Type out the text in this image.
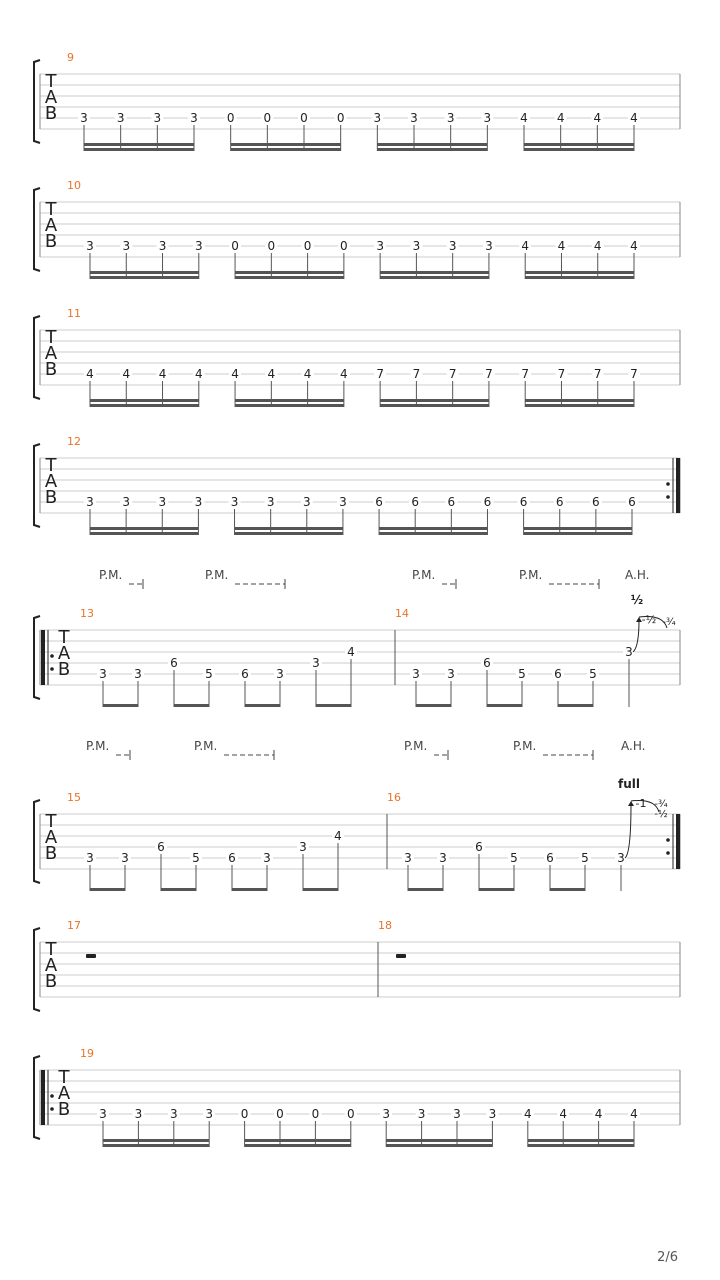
T
A
B
9
3 3 3 3 0 0 0 0 3 3 3 3 4 4 4 4
T
A
B
10
3 3 3 3 0 0 0 0 3 3 3 3 4 4 4 4
T
A
B
11
4 4 4 4 4 4 4 4 7 7 7 7 7 7 7 7
T
A
B
12
3 3 3 3 3 3 3 3 6 6 6 6 6 6 6 6
T
A
B
P.M.	P.M.	P.M.	P.M.	A.H.
13
3 3
6
5 6 3
3
4
14
3 3
6
5 6 5
3
½
-½ -¾
T
A
B
P.M.	P.M.	P.M.	P.M.	A.H.
15
3 3
6
5 6 3
3
4
16
3 3
6
5 6 5 3
full
-1 -¾
-½
T
A
B
17	18
T
A
B
19
3 3 3 3 0 0 0 0 3 3 3 3 4 4 4 4
2/6
